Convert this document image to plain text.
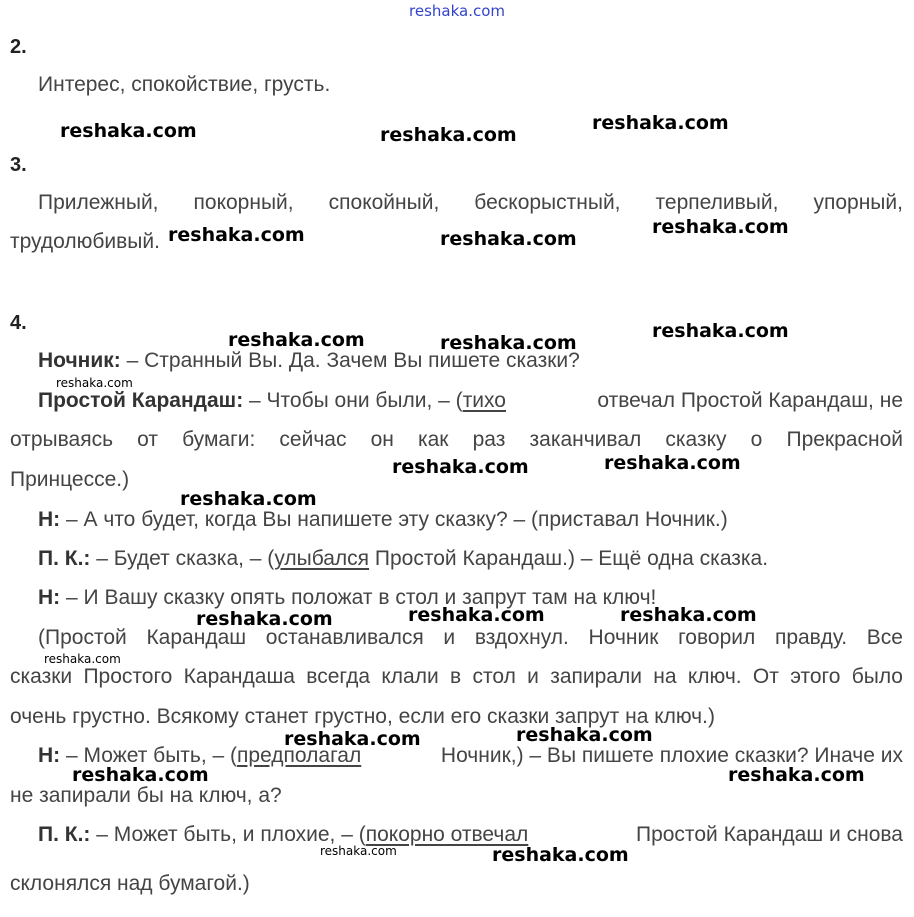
reshaka.com
2.
Интерес, спокойствие, грусть.
3.
Прилежный, покорный, спокойный, бескорыстный, терпеливый, упорный,
трудолюбивый.
4.
Ночник: – Странный Вы. Да. Зачем Вы пишете сказки?
Простой Карандаш: – Чтобы они были, – (тихо	отвечал Простой Карандаш, не
отрываясь от бумаги: сейчас он как раз заканчивал сказку о Прекрасной
Принцессе.)
Н: – А что будет, когда Вы напишете эту сказку? – (приставал Ночник.)
П. К.: – Будет сказка, – (улыбался Простой Карандаш.) – Ещё одна сказка.
Н: – И Вашу сказку опять положат в стол и запрут там на ключ!
(Простой Карандаш останавливался и вздохнул. Ночник говорил правду. Все
сказки Простого Карандаша всегда клали в стол и запирали на ключ. От этого было
очень грустно. Всякому станет грустно, если его сказки запрут на ключ.)
Н: – Может быть, – (предполагал	Ночник,) – Вы пишете плохие сказки? Иначе их
не запирали бы на ключ, а?
П. К.: – Может быть, и плохие, – (покорно отвечал	Простой Карандаш и снова
склонялся над бумагой.)
reshaka.com	reshaka.com
reshaka.com
reshaka.com	reshaka.com
reshaka.com
reshaka.com	reshaka.com
reshaka.com
reshaka.com
reshaka.com	reshaka.com
reshaka.com
reshaka.com	reshaka.com	reshaka.com
reshaka.com
reshaka.com	reshaka.com
reshaka.com	reshaka.com
reshaka.com	reshaka.com
